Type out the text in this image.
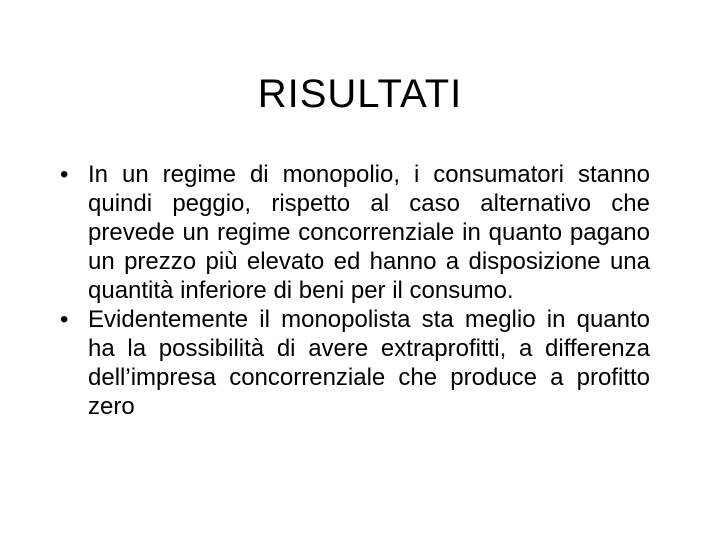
RISULTATI
• In un regime di monopolio, i consumatori stanno quindi peggio, rispetto al caso alternativo che prevede un regime concorrenziale in quanto pagano un prezzo più elevato ed hanno a disposizione una quantità inferiore di beni per il consumo.
• Evidentemente il monopolista sta meglio in quanto ha la possibilità di avere extraprofitti, a differenza dell’impresa concorrenziale che produce a profitto zero
